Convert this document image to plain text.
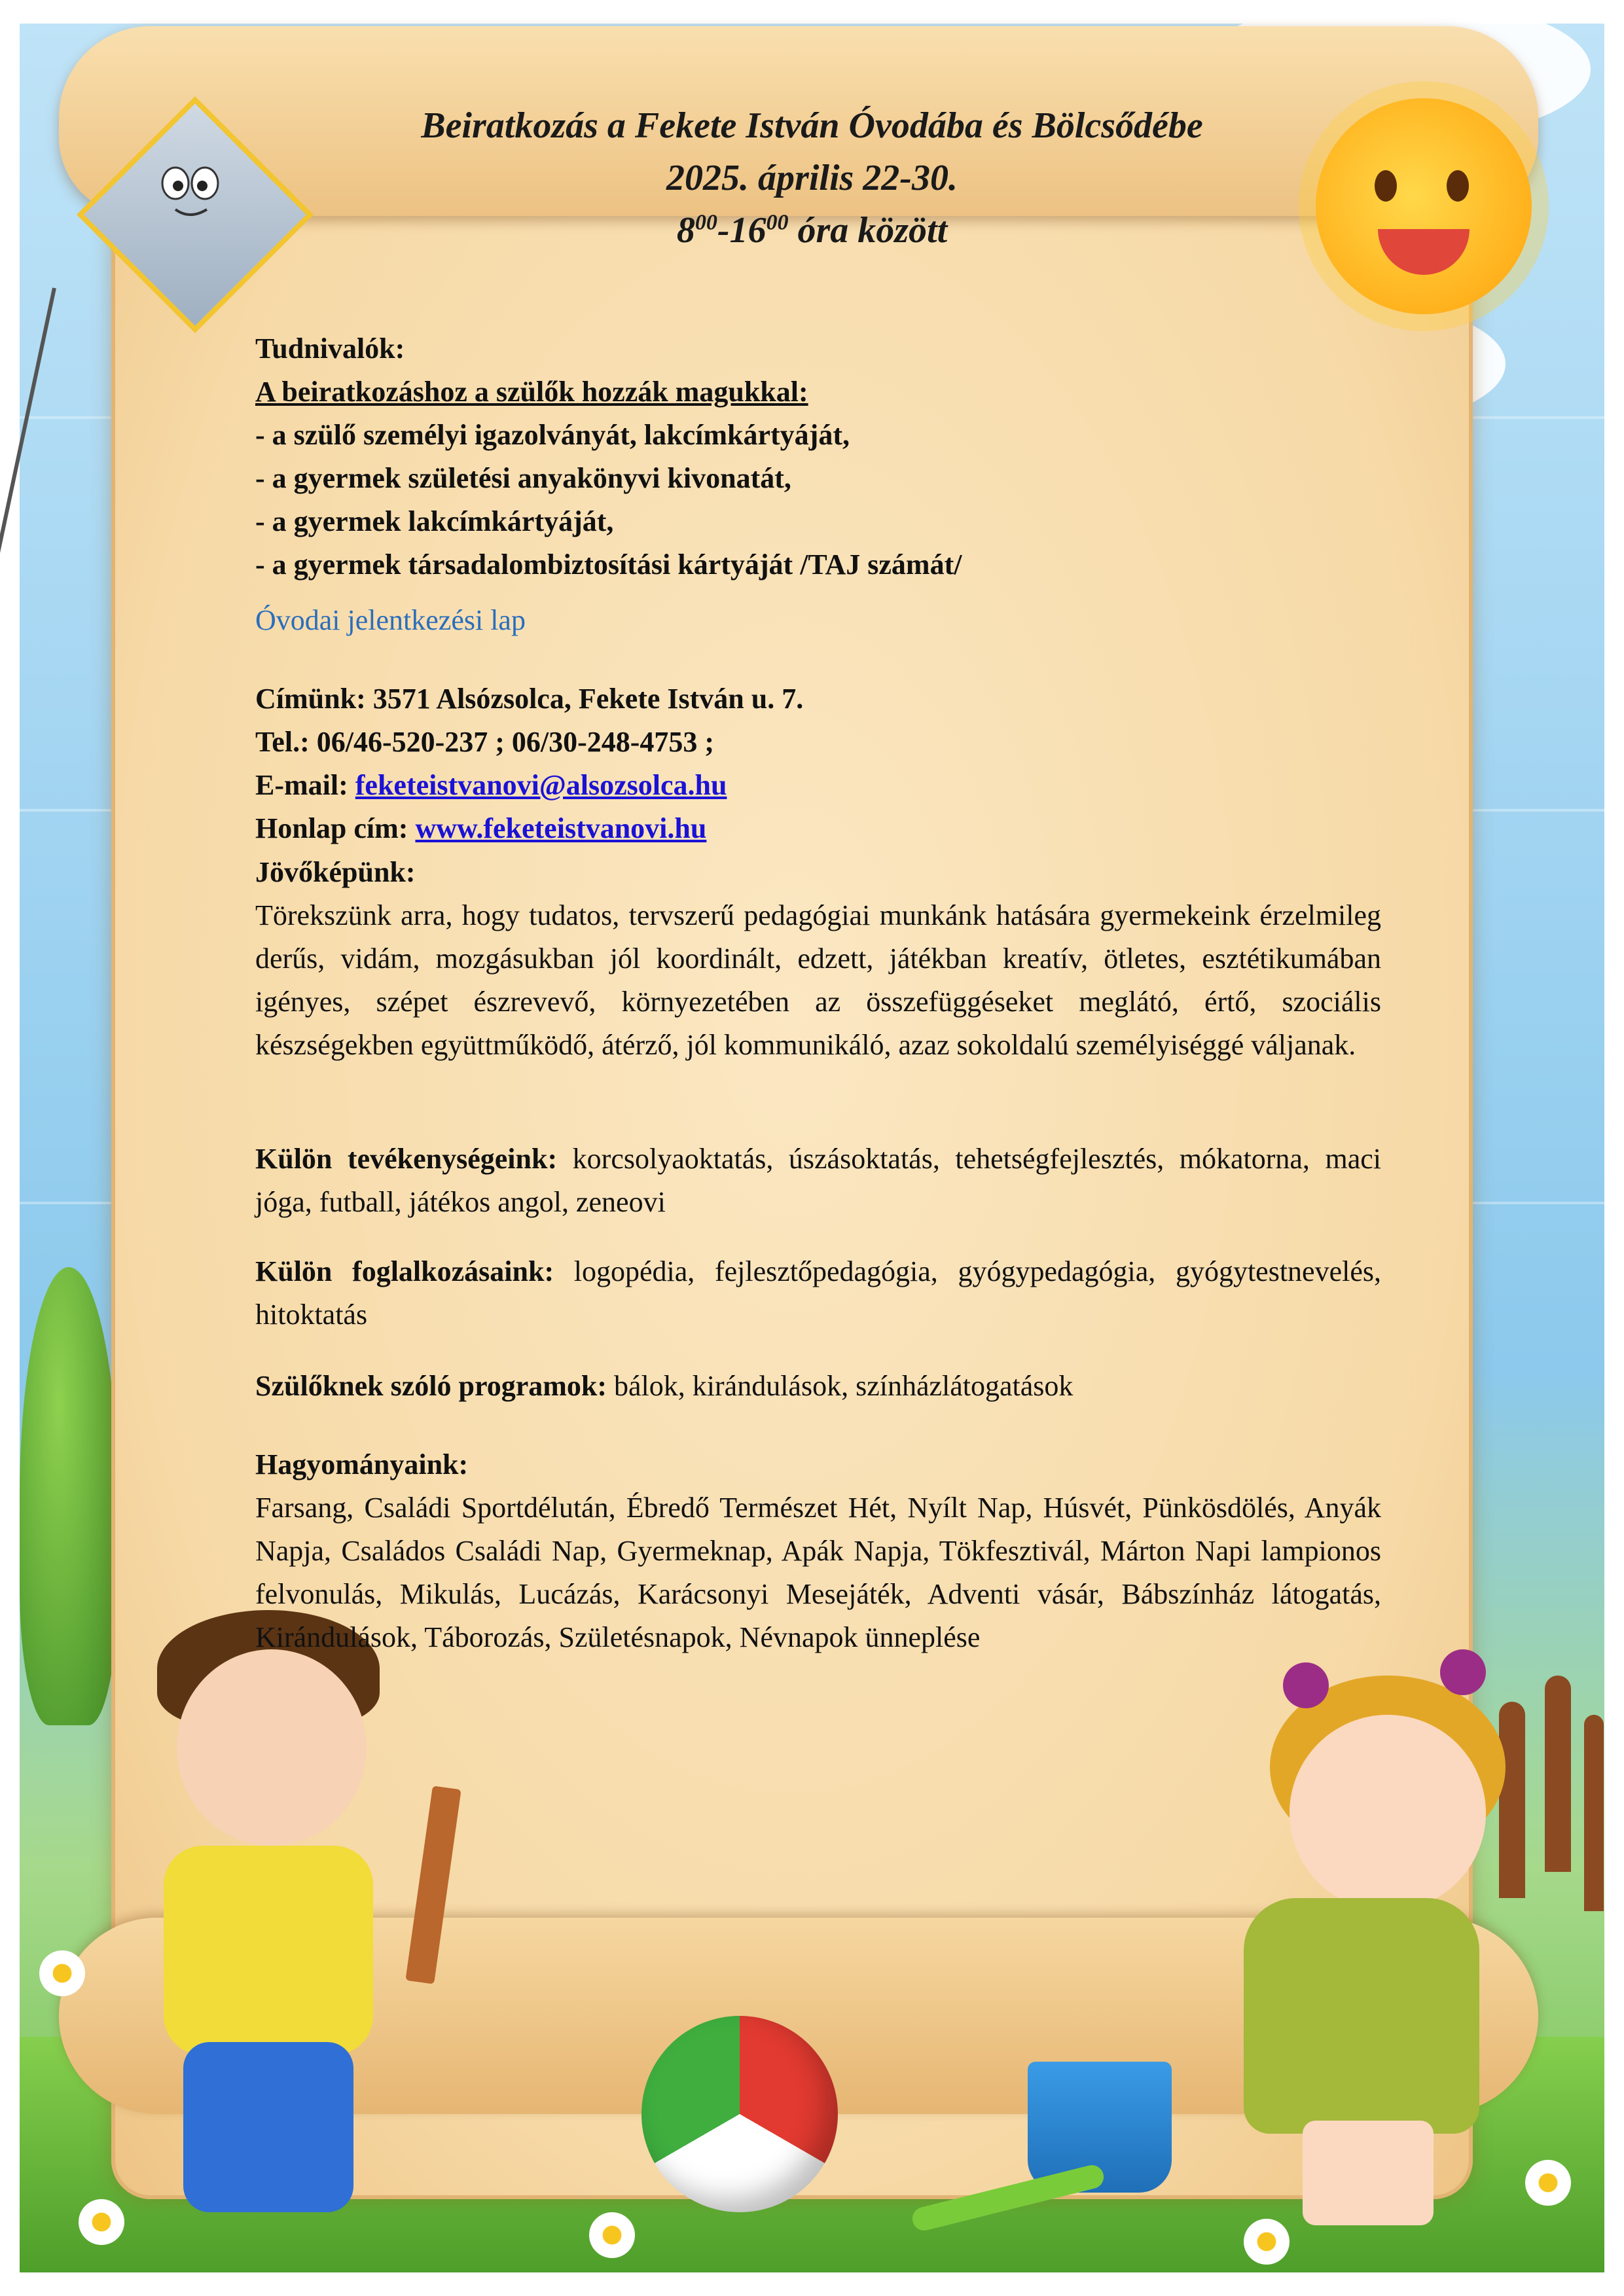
Beiratkozás a Fekete István Óvodába és Bölcsődébe
2025. április 22-30.
$8^{00}-16^{00}$ óra között
Tudnivalók:
A beiratkozáshoz a szülők hozzák magukkal:
- a szülő személyi igazolványát, lakcímkártyáját,
- a gyermek születési anyakönyvi kivonatát,
- a gyermek lakcímkártyáját,
- a gyermek társadalombiztosítási kártyáját /TAJ számát/
Óvodai jelentkezési lap
Címünk: 3571 Alsózsolca, Fekete István u. 7.
Tel.: 06/46-520-237 ; 06/30-248-4753 ;
E-mail: feketeistvanovi@alsozsolca.hu
Honlap cím: www.feketeistvanovi.hu
Jövőképünk:

Törekszünk arra, hogy tudatos, tervszerű pedagógiai munkánk hatására gyermekeink érzelmileg derűs, vidám, mozgásukban jól koordinált, edzett, játékban kreatív, ötletes, esztétikumában igényes, szépet észrevevő, környezetében az összefüggéseket meglátó, értő, szociális készségekben együttműködő, átérző, jól kommunikáló, azaz sokoldalú személyiséggé váljanak.

Külön tevékenységeink: korcsolyaoktatás, úszásoktatás, tehetségfejlesztés, mókatorna, maci jóga, futball, játékos angol, zeneovi

Külön foglalkozásaink: logopédia, fejlesztőpedagógia, gyógypedagógia, gyógytestnevelés, hitoktatás

Szülőknek szóló programok: bálok, kirándulások, színházlátogatások

Hagyományaink:

Farsang, Családi Sportdélután, Ébredő Természet Hét, Nyílt Nap, Húsvét, Pünkösdölés, Anyák Napja, Családos Családi Nap, Gyermeknap, Apák Napja, Tökfesztivál, Márton Napi lampionos felvonulás, Mikulás, Lucázás, Karácsonyi Mesejáték, Adventi vásár, Bábszínház látogatás, Kirándulások, Táborozás, Születésnapok, Névnapok ünneplése
